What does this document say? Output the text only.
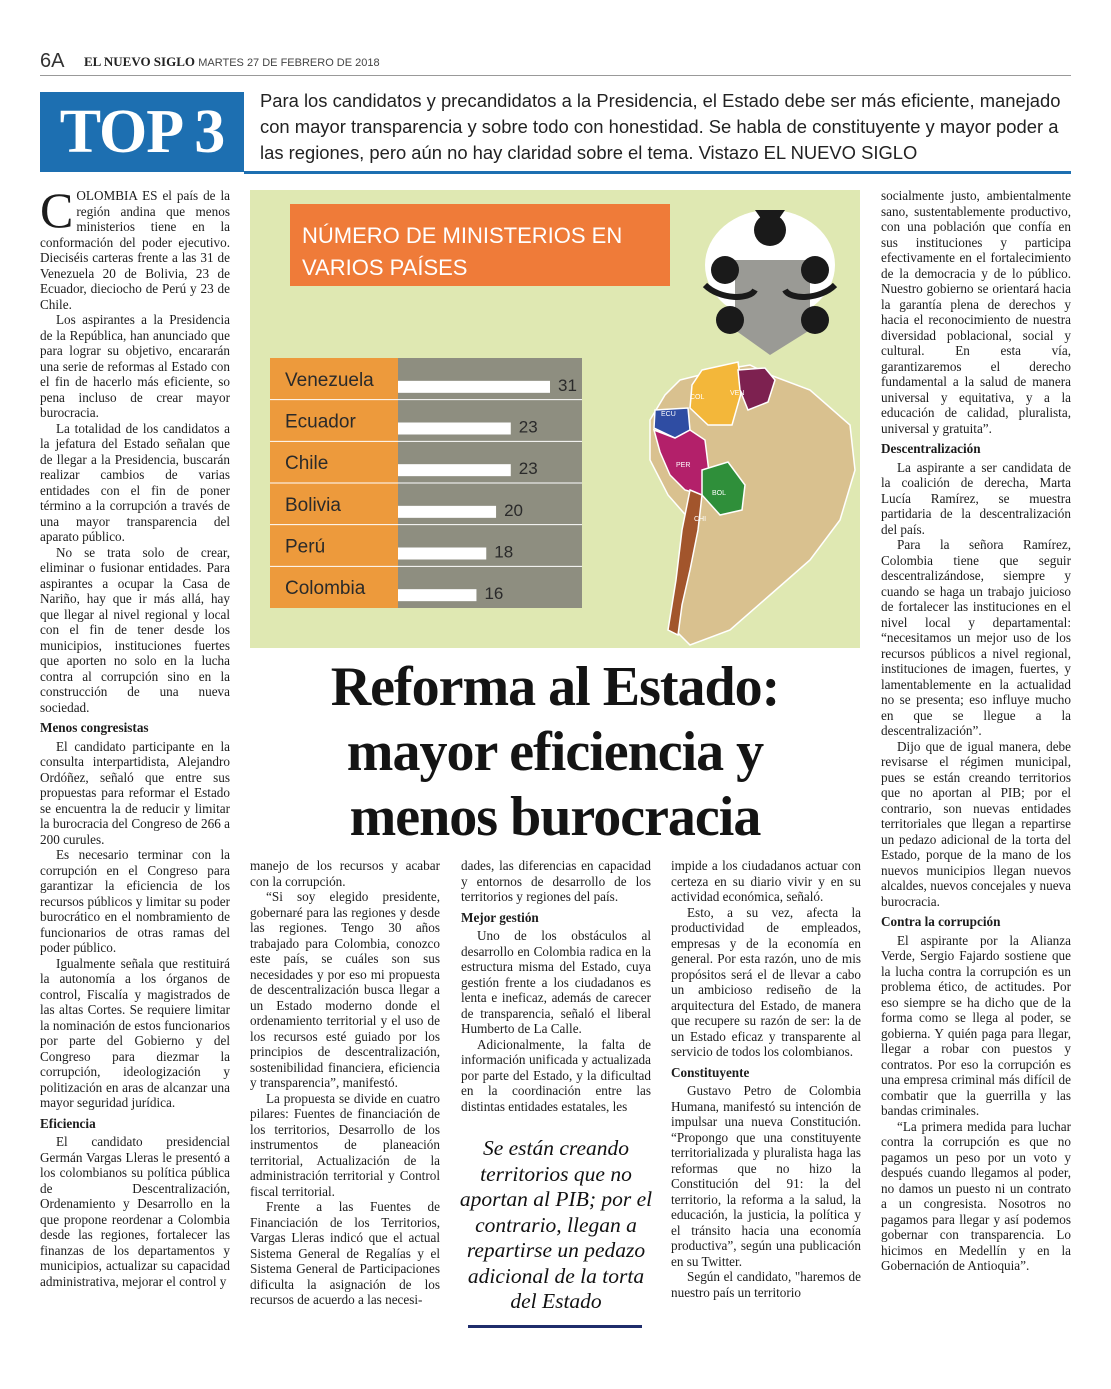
6A EL NUEVO SIGLO MARTES 27 DE FEBRERO DE 2018
TOP 3	Para los candidatos y precandidatos a la Presidencia, el Estado debe ser más eficiente, manejado con mayor transparencia y sobre todo con honestidad. Se habla de constituyente y mayor poder a las regiones, pero aún no hay claridad sobre el tema. Vistazo EL NUEVO SIGLO

COLOMBIA ES el país de la región andina que menos ministerios tiene en la conformación del poder ejecutivo. Dieciséis carteras frente a las 31 de Venezuela 20 de Bolivia, 23 de Ecuador, dieciocho de Perú y 23 de Chile.

Los aspirantes a la Presidencia de la República, han anunciado que para lograr su objetivo, encararán una serie de reformas al Estado con el fin de hacerlo más eficiente, so pena incluso de crear mayor burocracia.

La totalidad de los candidatos a la jefatura del Estado señalan que de llegar a la Presidencia, buscarán realizar cambios de varias entidades con el fin de poner término a la corrupción a través de una mayor transparencia del aparato público.

No se trata solo de crear, eliminar o fusionar entidades. Para aspirantes a ocupar la Casa de Nariño, hay que ir más allá, hay que llegar al nivel regional y local con el fin de tener desde los municipios, instituciones fuertes que aporten no solo en la lucha contra al corrupción sino en la construcción de una nueva sociedad.

Menos congresistas

El candidato participante en la consulta interpartidista, Alejandro Ordóñez, señaló que entre sus propuestas para reformar el Estado se encuentra la de reducir y limitar la burocracia del Congreso de 266 a 200 curules.

Es necesario terminar con la corrupción en el Congreso para garantizar la eficiencia de los recursos públicos y limitar su poder burocrático en el nombramiento de funcionarios de otras ramas del poder público.

Igualmente señala que restituirá la autonomía a los órganos de control, Fiscalía y magistrados de las altas Cortes. Se requiere limitar la nominación de estos funcionarios por parte del Gobierno y del Congreso para diezmar la corrupción, ideologización y politización en aras de alcanzar una mayor seguridad jurídica.

Eficiencia

El candidato presidencial Germán Vargas Lleras le presentó a los colombianos su política pública de Descentralización, Ordenamiento y Desarrollo en la que propone reordenar a Colombia desde las regiones, fortalecer las finanzas de los departamentos y municipios, actualizar su capacidad administrativa, mejorar el control y

NÚMERO DE MINISTERIOS EN
VARIOS PAÍSES
Venezuela	31
Ecuador	23
Chile	23
Bolivia	20
Perú	18
Colombia	16
VEN
COL
ECU
PER
BOL
CHI
Reforma al Estado:
mayor eficiencia y
menos burocracia

manejo de los recursos y acabar con la corrupción.

“Si soy elegido presidente, gobernaré para las regiones y desde las regiones. Tengo 30 años trabajado para Colombia, conozco este país, se cuáles son sus necesidades y por eso mi propuesta de descentralización busca llegar a un Estado moderno donde el ordenamiento territorial y el uso de los recursos esté guiado por los principios de descentralización, sostenibilidad financiera, eficiencia y transparencia”, manifestó.

La propuesta se divide en cuatro pilares: Fuentes de financiación de los territorios, Desarrollo de los instrumentos de planeación territorial, Actualización de la administración territorial y Control fiscal territorial.

Frente a las Fuentes de Financiación de los Territorios, Vargas Lleras indicó que el actual Sistema General de Regalías y el Sistema General de Participaciones dificulta la asignación de los recursos de acuerdo a las necesi-

dades, las diferencias en capacidad y entornos de desarrollo de los territorios y regiones del país.

Mejor gestión

Uno de los obstáculos al desarrollo en Colombia radica en la estructura misma del Estado, cuya gestión frente a los ciudadanos es lenta e ineficaz, además de carecer de transparencia, señaló el liberal Humberto de La Calle.

Adicionalmente, la falta de información unificada y actualizada por parte del Estado, y la dificultad en la coordinación entre las distintas entidades estatales, les

Se están creando territorios que no aportan al PIB; por el contrario, llegan a repartirse un pedazo adicional de la torta del Estado

impide a los ciudadanos actuar con certeza en su diario vivir y en su actividad económica, señaló.

Esto, a su vez, afecta la productividad de empleados, empresas y de la economía en general. Por esta razón, uno de mis propósitos será el de llevar a cabo un ambicioso rediseño de la arquitectura del Estado, de manera que recupere su razón de ser: la de un Estado eficaz y transparente al servicio de todos los colombianos.

Constituyente

Gustavo Petro de Colombia Humana, manifestó su intención de impulsar una nueva Constitución. “Propongo que una constituyente territorializada y pluralista haga las reformas que no hizo la Constitución del 91: la del territorio, la reforma a la salud, la educación, la justicia, la política y el tránsito hacia una economía productiva”, según una publicación en su Twitter.

Según el candidato, "haremos de nuestro país un territorio

socialmente justo, ambientalmente sano, sustentablemente productivo, con una población que confía en sus instituciones y participa efectivamente en el fortalecimiento de la democracia y de lo público. Nuestro gobierno se orientará hacia la garantía plena de derechos y hacia el reconocimiento de nuestra diversidad poblacional, social y cultural. En esta vía, garantizaremos el derecho fundamental a la salud de manera universal y equitativa, y a la educación de calidad, pluralista, universal y gratuita”.

Descentralización

La aspirante a ser candidata de la coalición de derecha, Marta Lucía Ramírez, se muestra partidaria de la descentralización del país.

Para la señora Ramírez, Colombia tiene que seguir descentralizándose, siempre y cuando se haga un trabajo juicioso de fortalecer las instituciones en el nivel local y departamental: “necesitamos un mejor uso de los recursos públicos a nivel regional, instituciones de imagen, fuertes, y lamentablemente en la actualidad no se presenta; eso influye mucho en que se llegue a la descentralización”.

Dijo que de igual manera, debe revisarse el régimen municipal, pues se están creando territorios que no aportan al PIB; por el contrario, son nuevas entidades territoriales que llegan a repartirse un pedazo adicional de la torta del Estado, porque de la mano de los nuevos municipios llegan nuevos alcaldes, nuevos concejales y nueva burocracia.

Contra la corrupción

El aspirante por la Alianza Verde, Sergio Fajardo sostiene que la lucha contra la corrupción es un problema ético, de actitudes. Por eso siempre se ha dicho que de la forma como se llega al poder, se gobierna. Y quién paga para llegar, llegar a robar con puestos y contratos. Por eso la corrupción es una empresa criminal más difícil de combatir que la guerrilla y las bandas criminales.

“La primera medida para luchar contra la corrupción es que no pagamos un peso por un voto y después cuando llegamos al poder, no damos un puesto ni un contrato a un congresista. Nosotros no pagamos para llegar y así podemos gobernar con transparencia. Lo hicimos en Medellín y en la Gobernación de Antioquia”.
